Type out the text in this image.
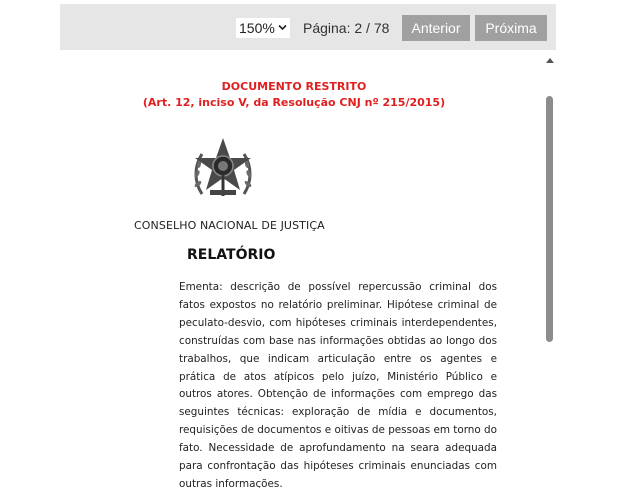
150%	Página: 2 / 78	Anterior	Próxima
DOCUMENTO RESTRITO
(Art. 12, inciso V, da Resolução CNJ nº 215/2015)
CONSELHO NACIONAL DE JUSTIÇA
RELATÓRIO

Ementa: descrição de possível repercussão criminal dos fatos expostos no relatório preliminar. Hipótese criminal de peculato-desvio, com hipóteses criminais interdependentes, construídas com base nas informações obtidas ao longo dos trabalhos, que indicam articulação entre os agentes e prática de atos atípicos pelo juízo, Ministério Público e outros atores. Obtenção de informações com emprego das seguintes técnicas: exploração de mídia e documentos, requisições de documentos e oitivas de pessoas em torno do fato. Necessidade de aprofundamento na seara adequada para confrontação das hipóteses criminais enunciadas com outras informações.
